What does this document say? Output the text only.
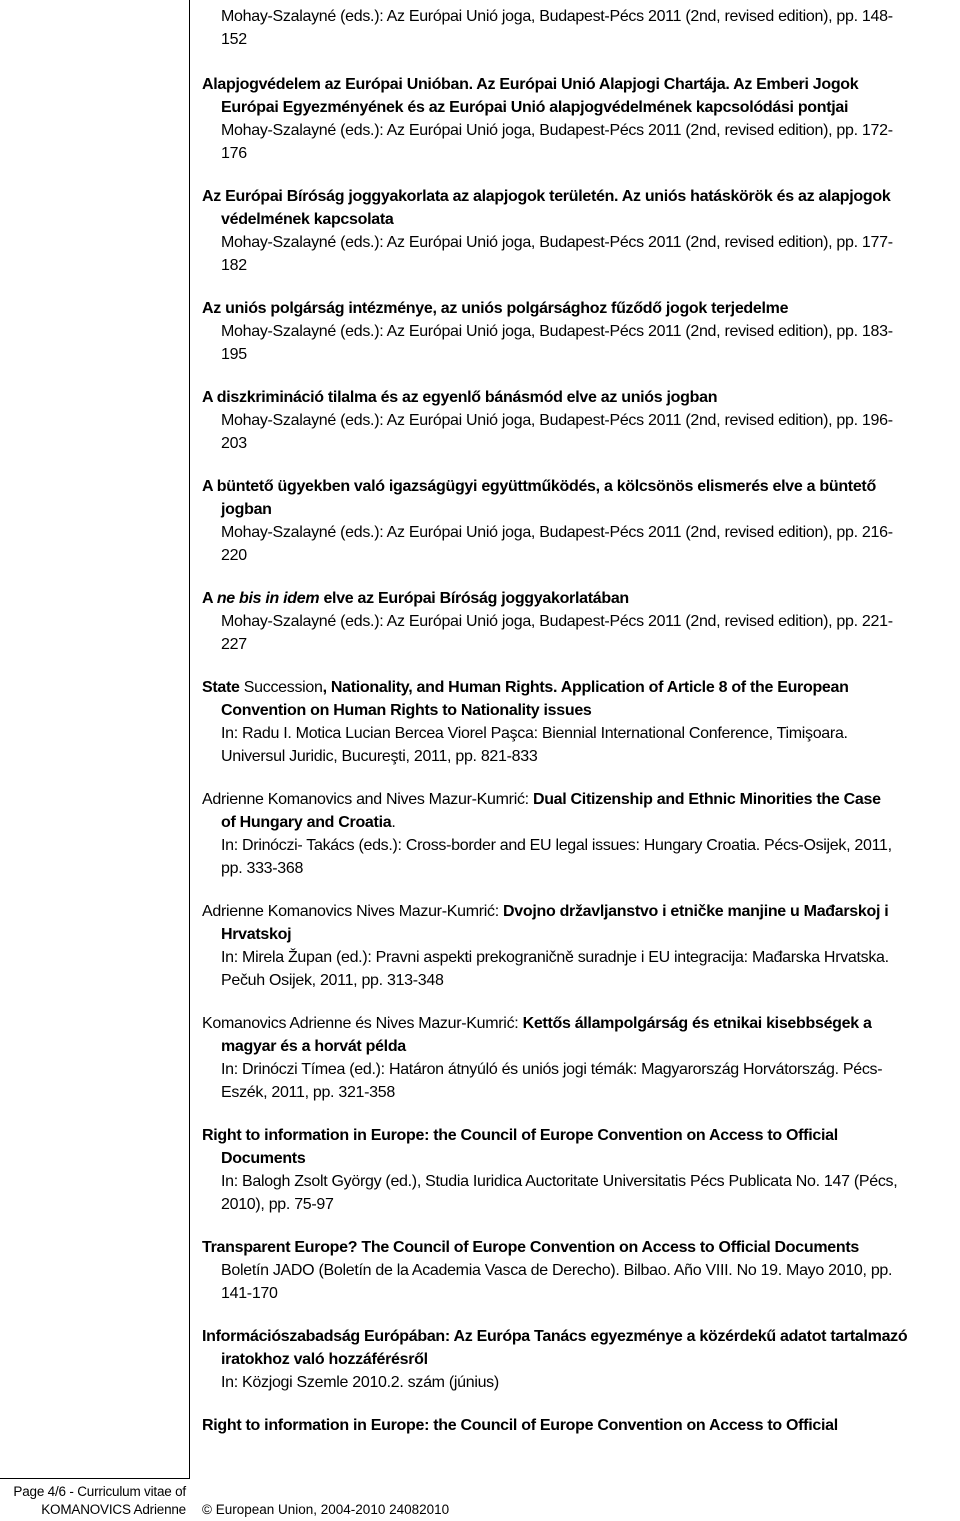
Mohay-Szalayné (eds.): Az Európai Unió joga, Budapest-Pécs 2011 (2nd, revised edition), pp. 148-
152
Alapjogvédelem az Európai Unióban. Az Európai Unió Alapjogi Chartája. Az Emberi Jogok
Európai Egyezményének és az Európai Unió alapjogvédelmének kapcsolódási pontjai
Mohay-Szalayné (eds.): Az Európai Unió joga, Budapest-Pécs 2011 (2nd, revised edition), pp. 172-
176
Az Európai Bíróság joggyakorlata az alapjogok területén. Az uniós hatáskörök és az alapjogok
védelmének kapcsolata
Mohay-Szalayné (eds.): Az Európai Unió joga, Budapest-Pécs 2011 (2nd, revised edition), pp. 177-
182
Az uniós polgárság intézménye, az uniós polgársághoz fűződő jogok terjedelme
Mohay-Szalayné (eds.): Az Európai Unió joga, Budapest-Pécs 2011 (2nd, revised edition), pp. 183-
195
A diszkrimináció tilalma és az egyenlő bánásmód elve az uniós jogban
Mohay-Szalayné (eds.): Az Európai Unió joga, Budapest-Pécs 2011 (2nd, revised edition), pp. 196-
203
A büntető ügyekben való igazságügyi együttműködés, a kölcsönös elismerés elve a büntető
jogban
Mohay-Szalayné (eds.): Az Európai Unió joga, Budapest-Pécs 2011 (2nd, revised edition), pp. 216-
220
A ne bis in idem elve az Európai Bíróság joggyakorlatában
Mohay-Szalayné (eds.): Az Európai Unió joga, Budapest-Pécs 2011 (2nd, revised edition), pp. 221-
227
State Succession, Nationality, and Human Rights. Application of Article 8 of the European
Convention on Human Rights to Nationality issues
In: Radu I. Motica Lucian Bercea Viorel Paşca: Biennial International Conference, Timişoara.
Universul Juridic, Bucureşti, 2011, pp. 821-833
Adrienne Komanovics and Nives Mazur-Kumrić: Dual Citizenship and Ethnic Minorities the Case
of Hungary and Croatia.
In: Drinóczi- Takács (eds.): Cross-border and EU legal issues: Hungary Croatia. Pécs-Osijek, 2011,
pp. 333-368
Adrienne Komanovics Nives Mazur-Kumrić: Dvojno državljanstvo i etničke manjine u Mađarskoj i
Hrvatskoj
In: Mirela Župan (ed.): Pravni aspekti prekograničně suradnje i EU integracija: Mađarska Hrvatska.
Pečuh Osijek, 2011, pp. 313-348
Komanovics Adrienne és Nives Mazur-Kumrić: Kettős állampolgárság és etnikai kisebbségek a
magyar és a horvát példa
In: Drinóczi Tímea (ed.): Határon átnyúló és uniós jogi témák: Magyarország Horvátország. Pécs-
Eszék, 2011, pp. 321-358
Right to information in Europe: the Council of Europe Convention on Access to Official
Documents
In: Balogh Zsolt György (ed.), Studia Iuridica Auctoritate Universitatis Pécs Publicata No. 147 (Pécs,
2010), pp. 75-97
Transparent Europe? The Council of Europe Convention on Access to Official Documents
Boletín JADO (Boletín de la Academia Vasca de Derecho). Bilbao. Año VIII. No 19. Mayo 2010, pp.
141-170
Információszabadság Európában: Az Európa Tanács egyezménye a közérdekű adatot tartalmazó
iratokhoz való hozzáférésről
In: Közjogi Szemle 2010.2. szám (június)
Right to information in Europe: the Council of Europe Convention on Access to Official
Page 4/6 - Curriculum vitae of
KOMANOVICS Adrienne © European Union, 2004-2010 24082010
